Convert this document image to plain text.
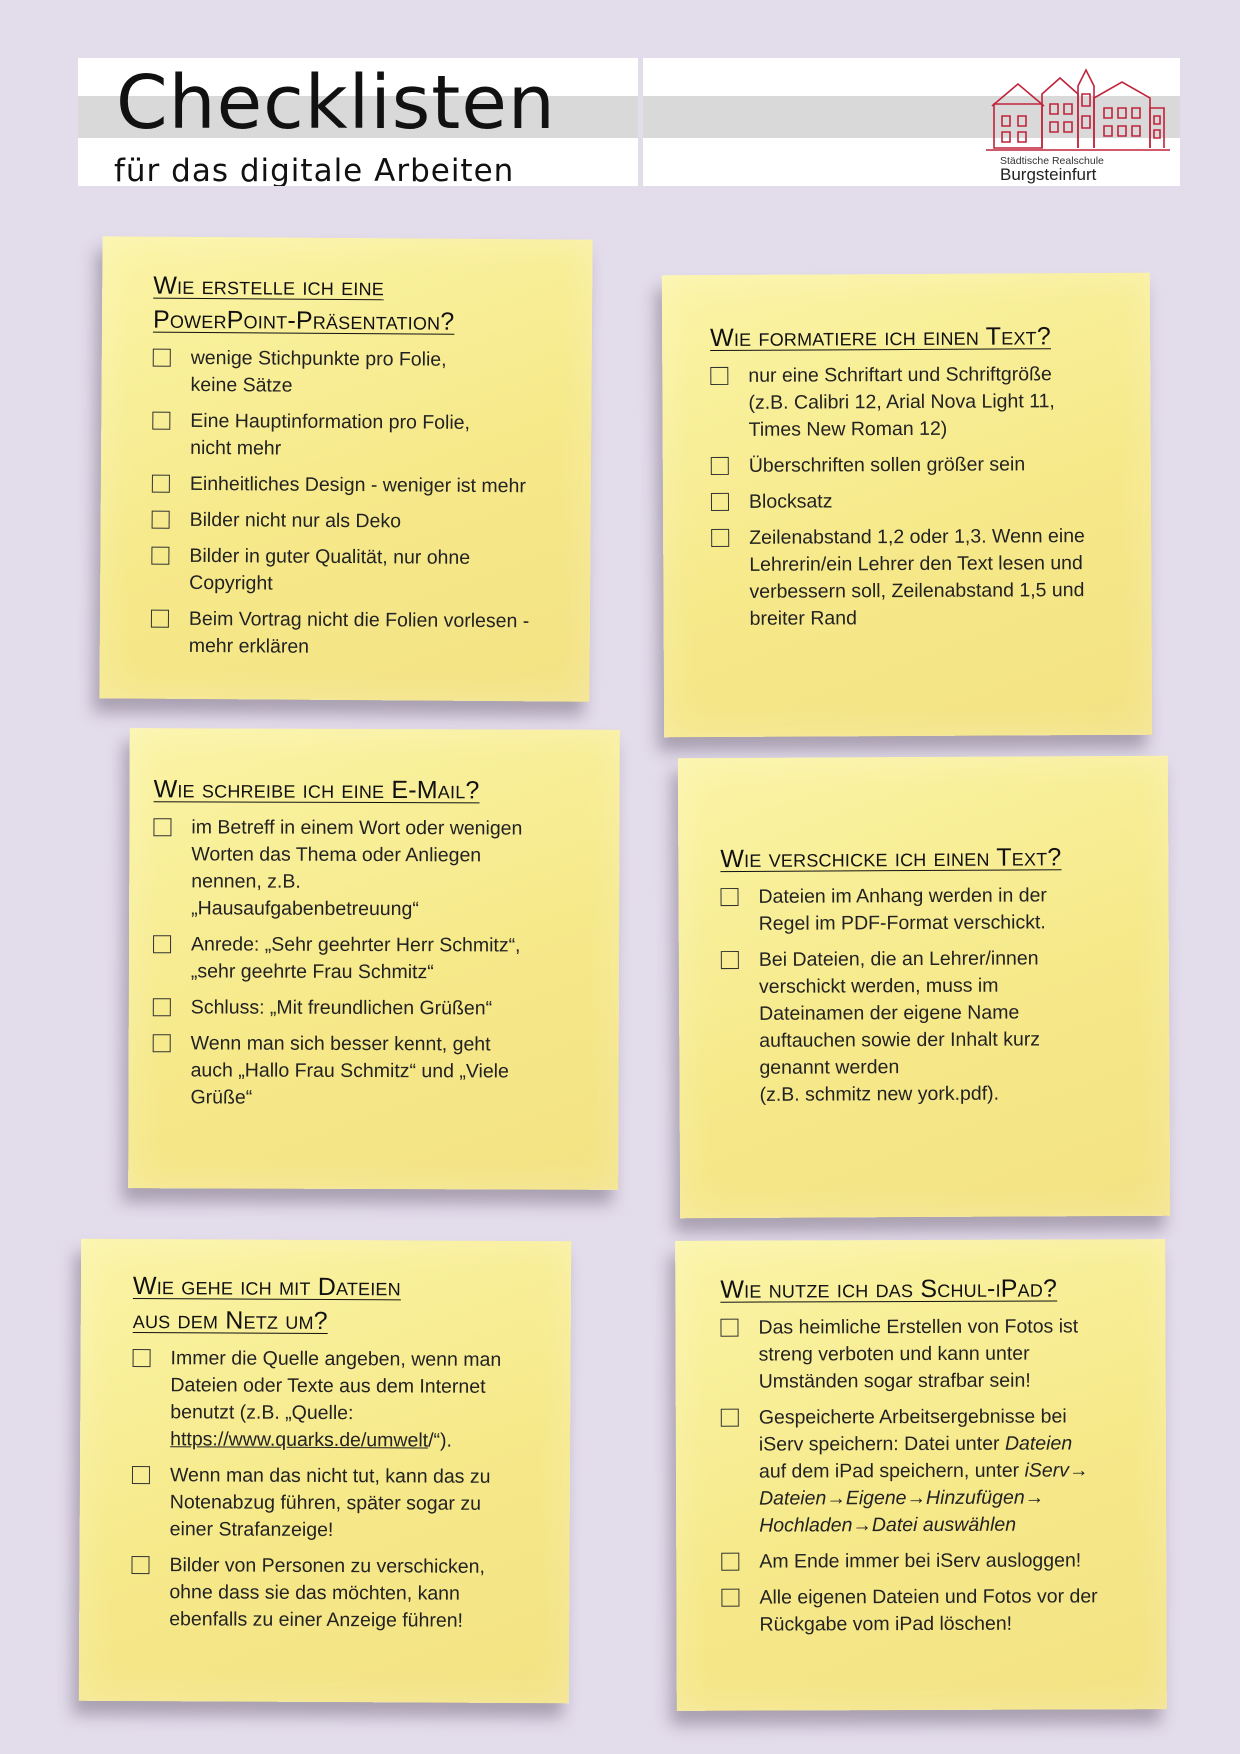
Checklisten
für das digitale Arbeiten	Städtische Realschule
Burgsteinfurt
Wie erstelle ich eine
PowerPoint-Präsentation?
wenige Stichpunkte pro Folie,
keine Sätze
Eine Hauptinformation pro Folie,
nicht mehr
Einheitliches Design - weniger ist mehr
Bilder nicht nur als Deko
Bilder in guter Qualität, nur ohne
Copyright
Beim Vortrag nicht die Folien vorlesen -
mehr erklären
Wie formatiere ich einen Text?
nur eine Schriftart und Schriftgröße
(z.B. Calibri 12, Arial Nova Light 11,
Times New Roman 12)
Überschriften sollen größer sein
Blocksatz
Zeilenabstand 1,2 oder 1,3. Wenn eine
Lehrerin/ein Lehrer den Text lesen und
verbessern soll, Zeilenabstand 1,5 und
breiter Rand
Wie schreibe ich eine E-Mail?
im Betreff in einem Wort oder wenigen
Worten das Thema oder Anliegen
nennen, z.B.
„Hausaufgabenbetreuung“
Anrede: „Sehr geehrter Herr Schmitz“,
„sehr geehrte Frau Schmitz“
Schluss: „Mit freundlichen Grüßen“
Wenn man sich besser kennt, geht
auch „Hallo Frau Schmitz“ und „Viele
Grüße“
Wie verschicke ich einen Text?
Dateien im Anhang werden in der
Regel im PDF-Format verschickt.
Bei Dateien, die an Lehrer/innen
verschickt werden, muss im
Dateinamen der eigene Name
auftauchen sowie der Inhalt kurz
genannt werden
(z.B. schmitz new york.pdf).
Wie gehe ich mit Dateien
aus dem Netz um?
Immer die Quelle angeben, wenn man
Dateien oder Texte aus dem Internet
benutzt (z.B. „Quelle:
https://www.quarks.de/umwelt/“).
Wenn man das nicht tut, kann das zu
Notenabzug führen, später sogar zu
einer Strafanzeige!
Bilder von Personen zu verschicken,
ohne dass sie das möchten, kann
ebenfalls zu einer Anzeige führen!
Wie nutze ich das Schul-iPad?
Das heimliche Erstellen von Fotos ist
streng verboten und kann unter
Umständen sogar strafbar sein!
Gespeicherte Arbeitsergebnisse bei
iServ speichern: Datei unter Dateien
auf dem iPad speichern, unter iServ→
Dateien→Eigene→Hinzufügen→
Hochladen→Datei auswählen
Am Ende immer bei iServ ausloggen!
Alle eigenen Dateien und Fotos vor der
Rückgabe vom iPad löschen!
